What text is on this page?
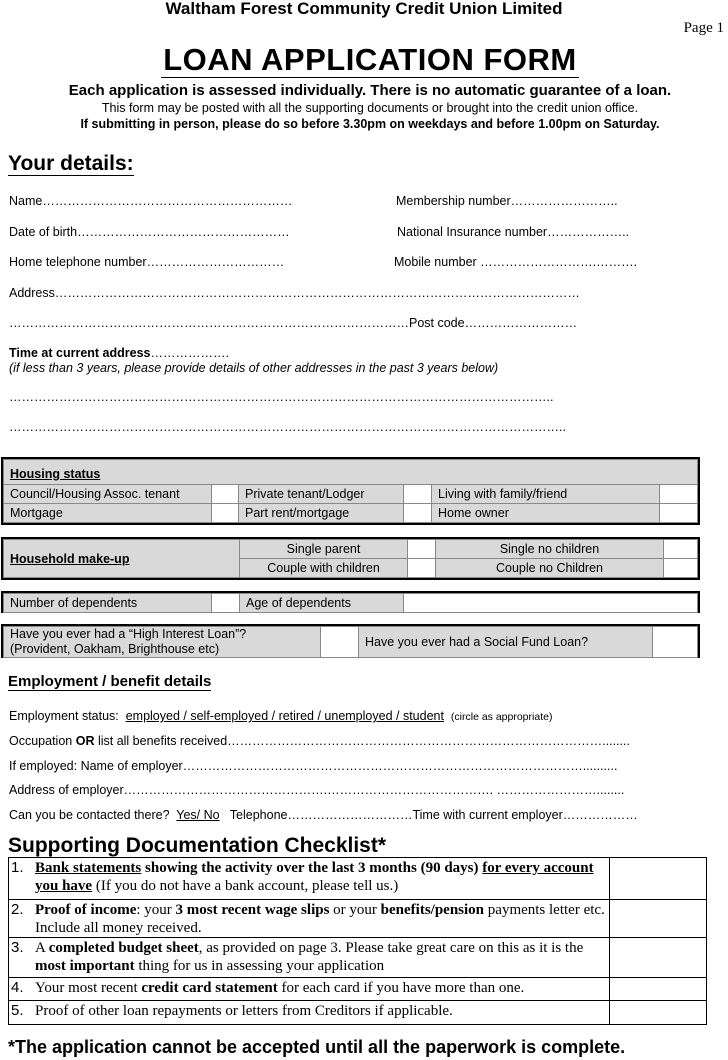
Waltham Forest Community Credit Union Limited
Page 1
LOAN APPLICATION FORM
Each application is assessed individually. There is no automatic guarantee of a loan.
This form may be posted with all the supporting documents or brought into the credit union office.
If submitting in person, please do so before 3.30pm on weekdays and before 1.00pm on Saturday.
Your details:
Name……………………………………………………	Membership number……………………..
Date of birth……………………………………………	National Insurance number………………..
Home telephone number……………………………	Mobile number ……………………….……….
Address………………………………………………………………………………………………………………
……………………………………………………………………………………Post code………………………
Time at current address……………….
(if less than 3 years, please provide details of other addresses in the past 3 years below)
…………………………………………………………………………………………………………………..
……………………………………………………………………………………………………………………..
Housing status					
Council/Housing Assoc. tenant		Private tenant/Lodger		Living with family/friend	
Mortgage		Part rent/mortgage		Home owner	
Household make-up	Single parent		Single no children	
	Couple with children		Couple no Children	
Number of dependents		Age of dependents	
Have you ever had a “High Interest Loan”?
(Provident, Oakham, Brighthouse etc)		Have you ever had a Social Fund Loan?	
Employment / benefit details
Employment status: employed / self-employed / retired / unemployed / student (circle as appropriate)
Occupation OR list all benefits received………………………………………………………………………………........
If employed: Name of employer……………………………………………………………………………………..........
Address of employer………………………………………….…………………………………. ……………………........
Can you be contacted there? Yes/ No Telephone…………………………Time with current employer………………
Supporting Documentation Checklist*
1. Bank statements showing the activity over the last 3 months (90 days) for every account you have (If you do not have a bank account, please tell us.)	
2. Proof of income: your 3 most recent wage slips or your benefits/pension payments letter etc. Include all money received.	
3. A completed budget sheet, as provided on page 3. Please take great care on this as it is the most important thing for us in assessing your application	
4. Your most recent credit card statement for each card if you have more than one.	
5. Proof of other loan repayments or letters from Creditors if applicable.	
*The application cannot be accepted until all the paperwork is complete.
